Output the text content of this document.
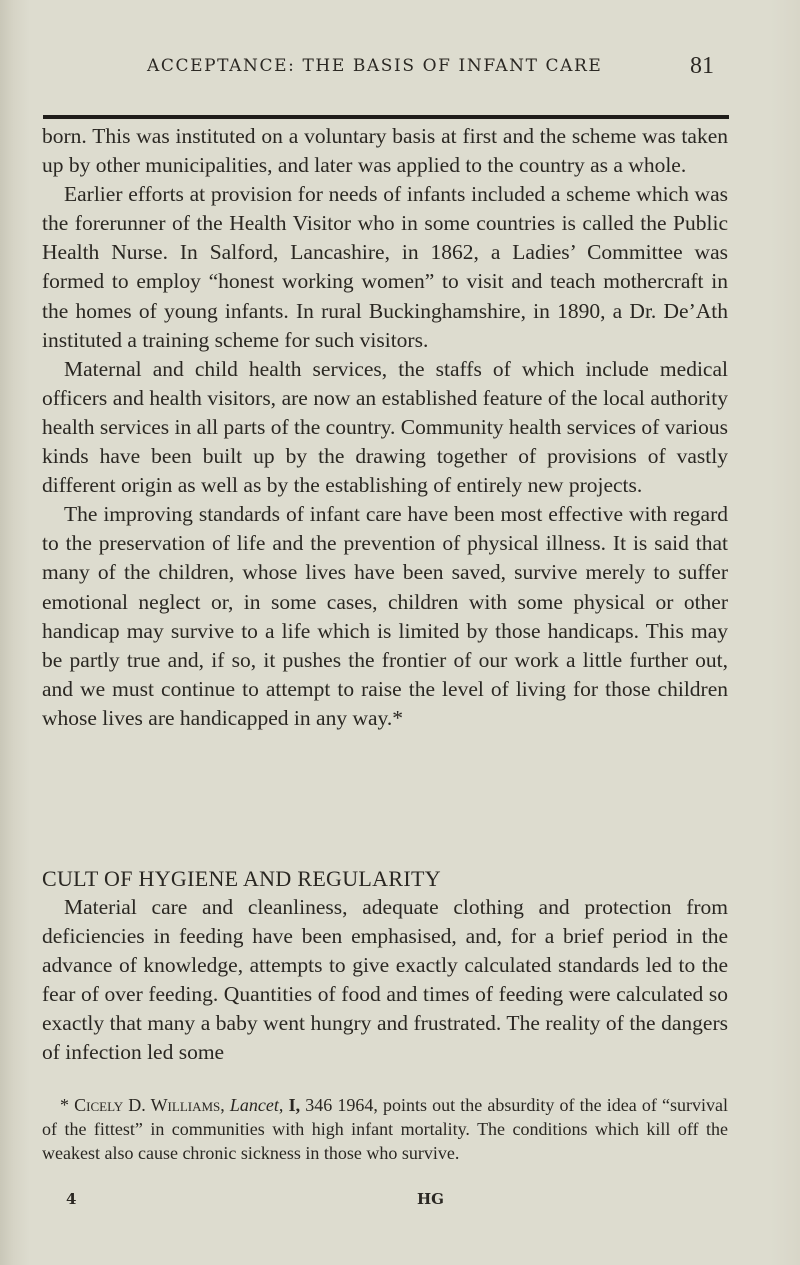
ACCEPTANCE: THE BASIS OF INFANT CARE	81

born. This was instituted on a voluntary basis at first and the scheme was taken up by other municipalities, and later was applied to the country as a whole.

Earlier efforts at provision for needs of infants included a scheme which was the forerunner of the Health Visitor who in some countries is called the Public Health Nurse. In Salford, Lancashire, in 1862, a Ladies’ Committee was formed to employ “honest working women” to visit and teach mothercraft in the homes of young infants. In rural Buckinghamshire, in 1890, a Dr. De’Ath instituted a training scheme for such visitors.

Maternal and child health services, the staffs of which include medical officers and health visitors, are now an established feature of the local authority health services in all parts of the country. Community health services of various kinds have been built up by the drawing together of provisions of vastly different origin as well as by the establishing of entirely new projects.

The improving standards of infant care have been most effective with regard to the preservation of life and the prevention of physical illness. It is said that many of the children, whose lives have been saved, survive merely to suffer emotional neglect or, in some cases, children with some physical or other handicap may survive to a life which is limited by those handicaps. This may be partly true and, if so, it pushes the frontier of our work a little further out, and we must continue to attempt to raise the level of living for those children whose lives are handicapped in any way.*

CULT OF HYGIENE AND REGULARITY

Material care and cleanliness, adequate clothing and protection from deficiencies in feeding have been emphasised, and, for a brief period in the advance of knowledge, attempts to give exactly calculated standards led to the fear of over feeding. Quantities of food and times of feeding were calculated so exactly that many a baby went hungry and frustrated. The reality of the dangers of infection led some

* Cicely D. Williams, Lancet, I, 346 1964, points out the absurdity of the idea of “survival of the fittest” in communities with high infant mortality. The conditions which kill off the weakest also cause chronic sickness in those who survive.

4	HG
